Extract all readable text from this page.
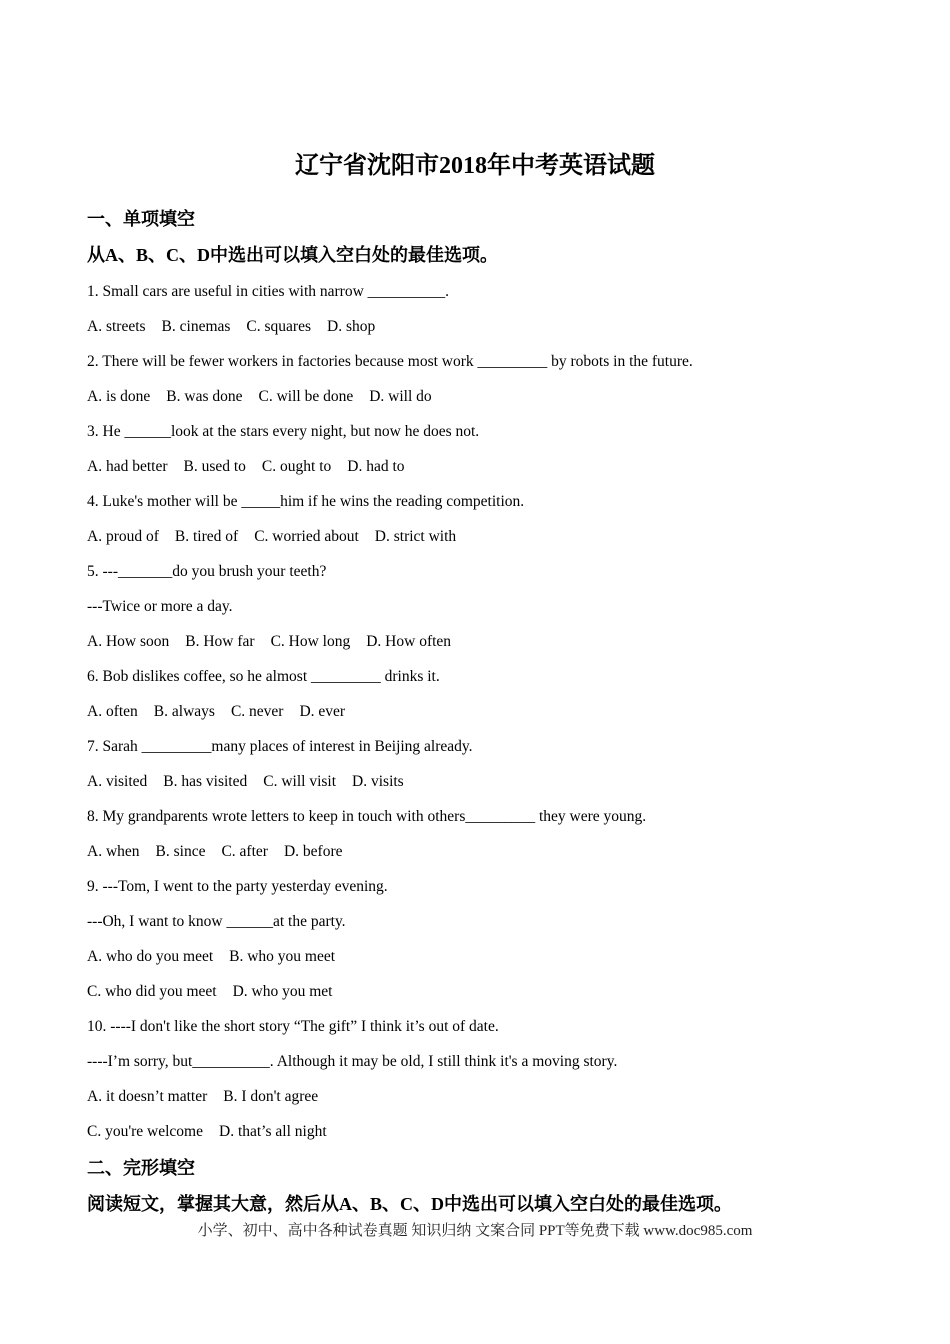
辽宁省沈阳市2018年中考英语试题
一、单项填空
从A、B、C、D中选出可以填入空白处的最佳选项。
1. Small cars are useful in cities with narrow __________.
A. streets B. cinemas C. squares D. shop
2. There will be fewer workers in factories because most work _________ by robots in the future.
A. is done B. was done C. will be done D. will do
3. He ______look at the stars every night, but now he does not.
A. had better B. used to C. ought to D. had to
4. Luke's mother will be _____him if he wins the reading competition.
A. proud of B. tired of C. worried about D. strict with
5. ---_______do you brush your teeth?
---Twice or more a day.
A. How soon B. How far C. How long D. How often
6. Bob dislikes coffee, so he almost _________ drinks it.
A. often B. always C. never D. ever
7. Sarah _________many places of interest in Beijing already.
A. visited B. has visited C. will visit D. visits
8. My grandparents wrote letters to keep in touch with others_________ they were young.
A. when B. since C. after D. before
9. ---Tom, I went to the party yesterday evening.
---Oh, I want to know ______at the party.
A. who do you meet B. who you meet
C. who did you meet D. who you met
10. ----I don't like the short story “The gift” I think it’s out of date.
----I’m sorry, but__________. Although it may be old, I still think it's a moving story.
A. it doesn’t matter B. I don't agree
C. you're welcome D. that’s all night
二、完形填空
阅读短文，掌握其大意，然后从A、B、C、D中选出可以填入空白处的最佳选项。
小学、初中、高中各种试卷真题 知识归纳 文案合同 PPT等免费下载 www.doc985.com
